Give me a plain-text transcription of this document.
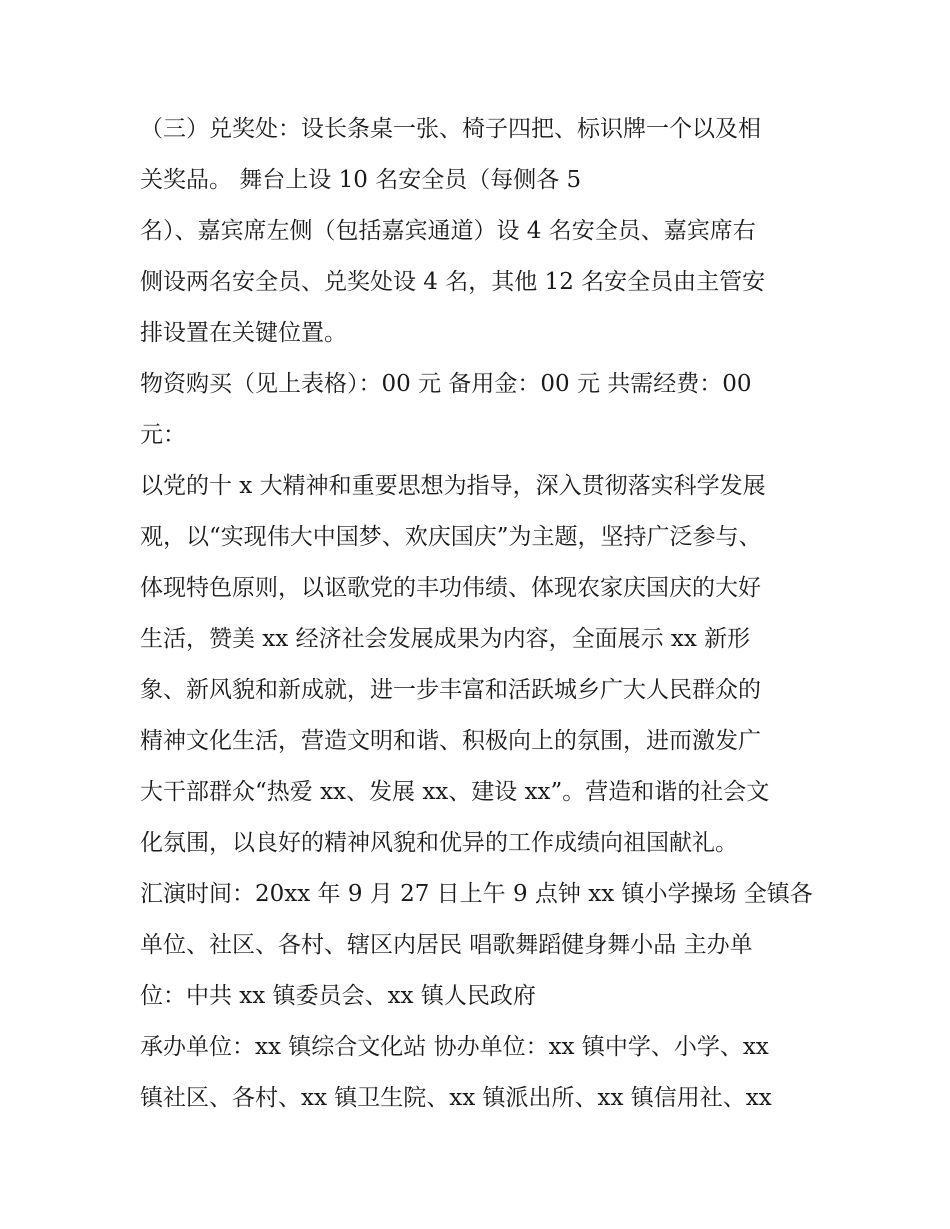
（三）兑奖处：设长条桌一张、椅子四把、标识牌一个以及相
关奖品。 舞台上设 10 名安全员（每侧各 5
名）、嘉宾席左侧（包括嘉宾通道）设 4 名安全员、嘉宾席右
侧设两名安全员、兑奖处设 4 名，其他 12 名安全员由主管安
排设置在关键位置。
物资购买（见上表格）：00 元 备用金：00 元 共需经费：00
元：
以党的十 x 大精神和重要思想为指导，深入贯彻落实科学发展
观，以“实现伟大中国梦、欢庆国庆”为主题，坚持广泛参与、
体现特色原则，以讴歌党的丰功伟绩、体现农家庆国庆的大好
生活，赞美 xx 经济社会发展成果为内容，全面展示 xx 新形
象、新风貌和新成就，进一步丰富和活跃城乡广大人民群众的
精神文化生活，营造文明和谐、积极向上的氛围，进而激发广
大干部群众“热爱 xx、发展 xx、建设 xx”。营造和谐的社会文
化氛围，以良好的精神风貌和优异的工作成绩向祖国献礼。
汇演时间：20xx 年 9 月 27 日上午 9 点钟 xx 镇小学操场 全镇各
单位、社区、各村、辖区内居民 唱歌舞蹈健身舞小品 主办单
位：中共 xx 镇委员会、xx 镇人民政府
承办单位：xx 镇综合文化站 协办单位：xx 镇中学、小学、xx
镇社区、各村、xx 镇卫生院、xx 镇派出所、xx 镇信用社、xx
